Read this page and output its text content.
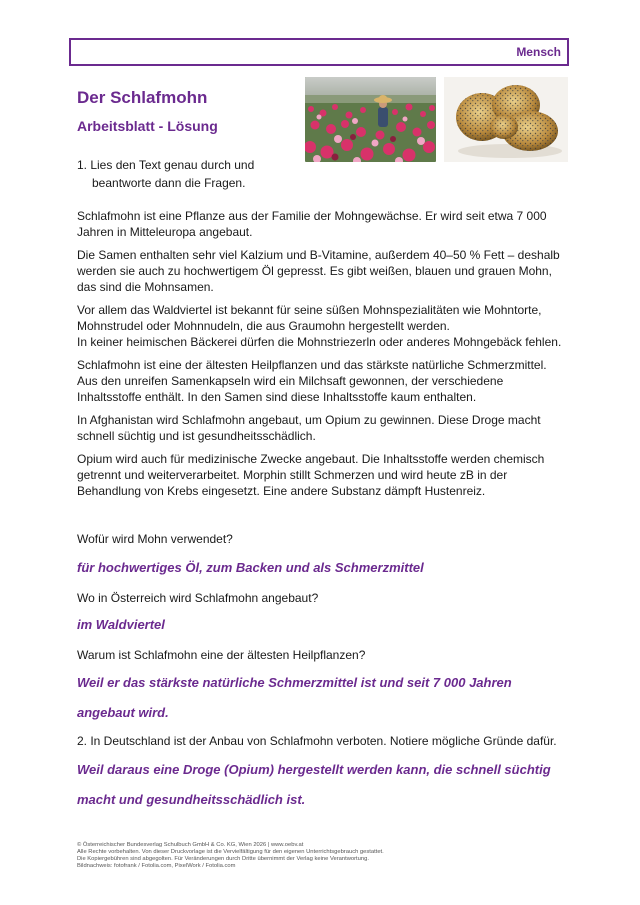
Mensch
Der Schlafmohn
Arbeitsblatt - Lösung
1. Lies den Text genau durch und
beantworte dann die Fragen.

Schlafmohn ist eine Pflanze aus der Familie der Mohngewächse. Er wird seit etwa 7 000 Jahren in Mitteleuropa angebaut.

Die Samen enthalten sehr viel Kalzium und B-Vitamine, außerdem 40–50 % Fett – deshalb werden sie auch zu hochwertigem Öl gepresst. Es gibt weißen, blauen und grauen Mohn, das sind die Mohnsamen.

Vor allem das Waldviertel ist bekannt für seine süßen Mohnspezialitäten wie Mohntorte, Mohnstrudel oder Mohnnudeln, die aus Graumohn hergestellt werden.
In keiner heimischen Bäckerei dürfen die Mohnstriezerln oder anderes Mohngebäck fehlen.

Schlafmohn ist eine der ältesten Heilpflanzen und das stärkste natürliche Schmerzmittel. Aus den unreifen Samenkapseln wird ein Milchsaft gewonnen, der verschiedene Inhaltsstoffe enthält. In den Samen sind diese Inhaltsstoffe kaum enthalten.

In Afghanistan wird Schlafmohn angebaut, um Opium zu gewinnen. Diese Droge macht schnell süchtig und ist gesundheitsschädlich.

Opium wird auch für medizinische Zwecke angebaut. Die Inhaltsstoffe werden chemisch getrennt und weiterverarbeitet. Morphin stillt Schmerzen und wird heute zB in der Behandlung von Krebs eingesetzt. Eine andere Substanz dämpft Hustenreiz.

Wofür wird Mohn verwendet?
für hochwertiges Öl, zum Backen und als Schmerzmittel
Wo in Österreich wird Schlafmohn angebaut?
im Waldviertel
Warum ist Schlafmohn eine der ältesten Heilpflanzen?
Weil er das stärkste natürliche Schmerzmittel ist und seit 7 000 Jahren
angebaut wird.
2. In Deutschland ist der Anbau von Schlafmohn verboten. Notiere mögliche Gründe dafür.
Weil daraus eine Droge (Opium) hergestellt werden kann, die schnell süchtig
macht und gesundheitsschädlich ist.
© Österreichischer Bundesverlag Schulbuch GmbH & Co. KG, Wien 2026 | www.oebv.at
Alle Rechte vorbehalten. Von dieser Druckvorlage ist die Vervielfältigung für den eigenen Unterrichtsgebrauch gestattet.
Die Kopiergebühren sind abgegolten. Für Veränderungen durch Dritte übernimmt der Verlag keine Verantwortung.
Bildnachweis: fotofrank / Fotolia.com, PixelWork / Fotolia.com
